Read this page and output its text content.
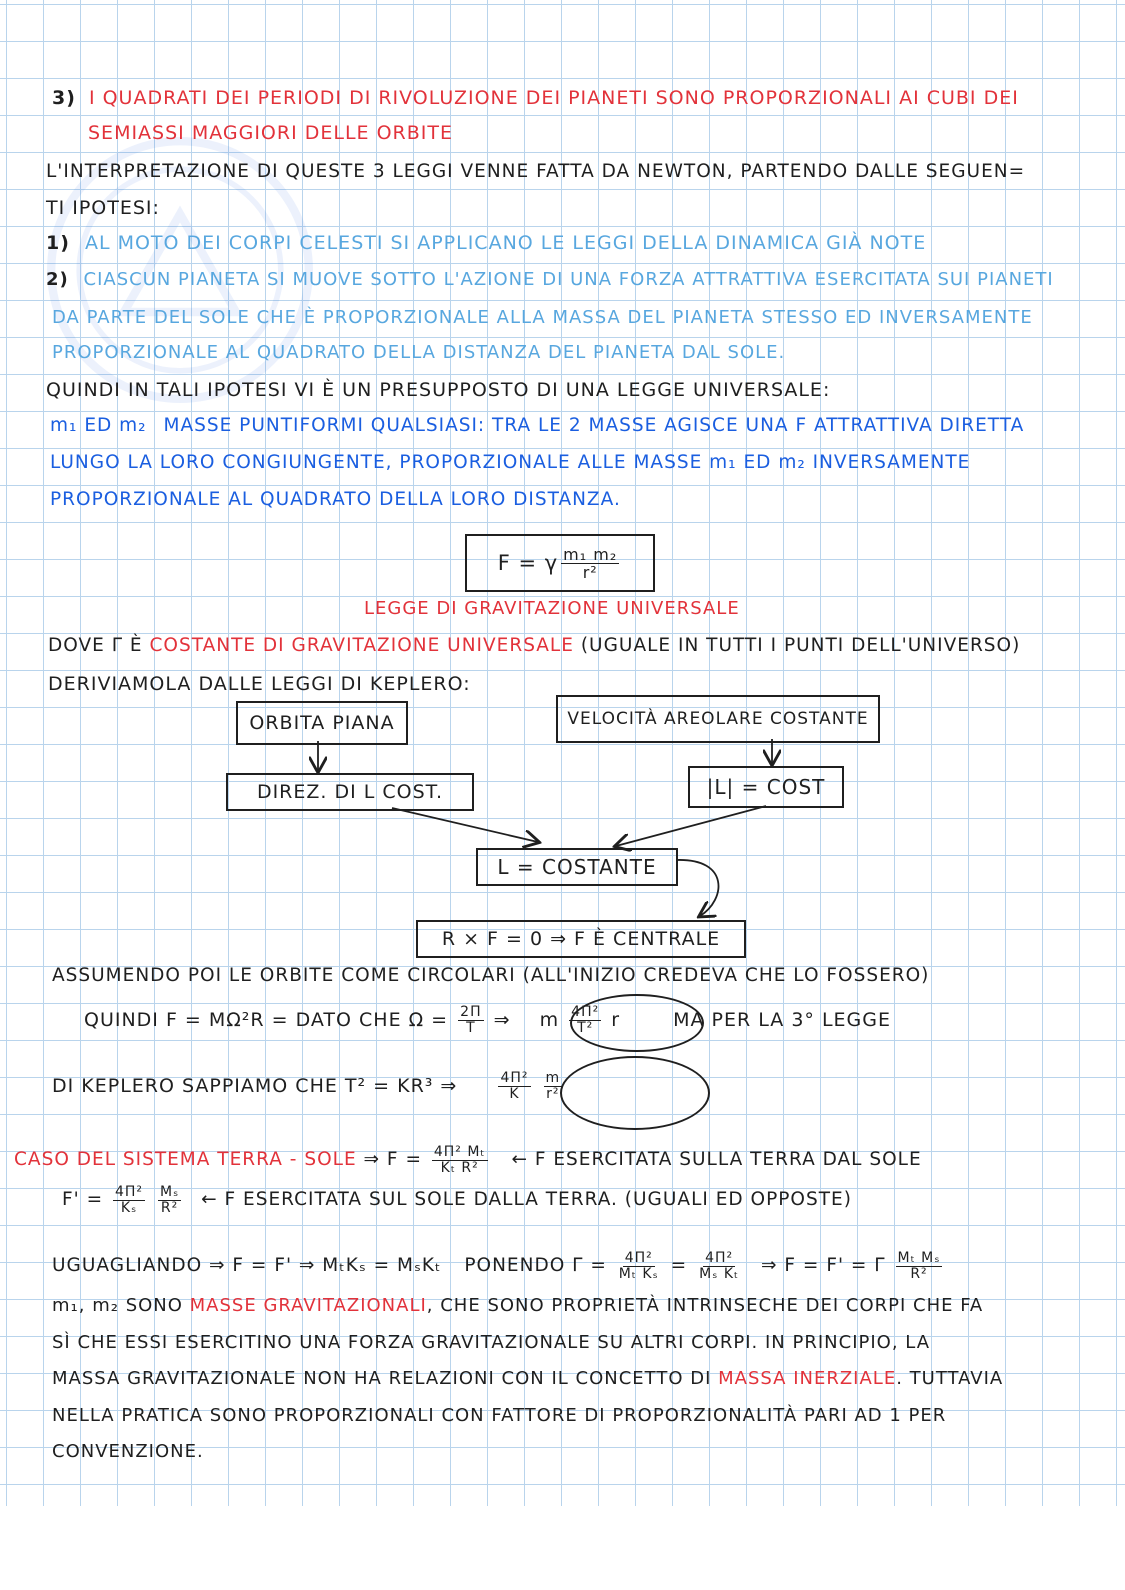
3) I QUADRATI DEI PERIODI DI RIVOLUZIONE DEI PIANETI SONO PROPORZIONALI AI CUBI DEI
SEMIASSI MAGGIORI DELLE ORBITE
L'INTERPRETAZIONE DI QUESTE 3 LEGGI VENNE FATTA DA NEWTON, PARTENDO DALLE SEGUEN=
TI IPOTESI:
1) AL MOTO DEI CORPI CELESTI SI APPLICANO LE LEGGI DELLA DINAMICA GIÀ NOTE
2) CIASCUN PIANETA SI MUOVE SOTTO L'AZIONE DI UNA FORZA ATTRATTIVA ESERCITATA SUI PIANETI
DA PARTE DEL SOLE CHE È PROPORZIONALE ALLA MASSA DEL PIANETA STESSO ED INVERSAMENTE
PROPORZIONALE AL QUADRATO DELLA DISTANZA DEL PIANETA DAL SOLE.
QUINDI IN TALI IPOTESI VI È UN PRESUPPOSTO DI UNA LEGGE UNIVERSALE:
m₁ ED m₂ MASSE PUNTIFORMI QUALSIASI: TRA LE 2 MASSE AGISCE UNA F ATTRATTIVA DIRETTA
LUNGO LA LORO CONGIUNGENTE, PROPORZIONALE ALLE MASSE m₁ ED m₂ INVERSAMENTE
PROPORZIONALE AL QUADRATO DELLA LORO DISTANZA.
F = γ $\frac{\text{m₁ m₂}}{\text{r²}}$
LEGGE DI GRAVITAZIONE UNIVERSALE
DOVE Γ È COSTANTE DI GRAVITAZIONE UNIVERSALE (UGUALE IN TUTTI I PUNTI DELL'UNIVERSO)
DERIVIAMOLA DALLE LEGGI DI KEPLERO:
ORBITA PIANA	VELOCITÀ AREOLARE COSTANTE
DIREZ. DI L COST.	|L| = COST
L = COSTANTE
R × F = 0 ⇒ F È CENTRALE
ASSUMENDO POI LE ORBITE COME CIRCOLARI (ALL'INIZIO CREDEVA CHE LO FOSSERO)
QUINDI F = MΩ²R = DATO CHE $\Omega = \frac{2\Pi}{T}$ ⇒ m $\frac{\text{4Π²}}{\text{T²}}$ r	MA PER LA 3° LEGGE
DI KEPLERO SAPPIAMO CHE T² = KR³ ⇒	$\frac{\text{4Π²}}{K}$
$\frac{m}{\text{r²}}$
CASO DEL SISTEMA TERRA - SOLE ⇒ $F = \frac{\text{4Π² Mₜ}}{\text{Kₜ R²}}$ ← F ESERCITATA SULLA TERRA DAL SOLE
$F' = \frac{\text{4Π²}}{\text{Kₛ}}$
$\frac{\text{Mₛ}}{\text{R²}}$ ← F ESERCITATA SUL SOLE DALLA TERRA. (UGUALI ED OPPOSTE)
UGUAGLIANDO ⇒ F = F' ⇒ MₜKₛ = MₛKₜ PONENDO $\Gamma = \frac{\text{4Π²}}{\text{Mₜ Kₛ}} = \frac{\text{4Π²}}{\text{Mₛ Kₜ}}$ ⇒ F = F' = Γ $\frac{\text{Mₜ Mₛ}}{\text{R²}}$
m₁, m₂ SONO MASSE GRAVITAZIONALI, CHE SONO PROPRIETÀ INTRINSECHE DEI CORPI CHE FA
SÌ CHE ESSI ESERCITINO UNA FORZA GRAVITAZIONALE SU ALTRI CORPI. IN PRINCIPIO, LA
MASSA GRAVITAZIONALE NON HA RELAZIONI CON IL CONCETTO DI MASSA INERZIALE. TUTTAVIA
NELLA PRATICA SONO PROPORZIONALI CON FATTORE DI PROPORZIONALITÀ PARI AD 1 PER
CONVENZIONE.
